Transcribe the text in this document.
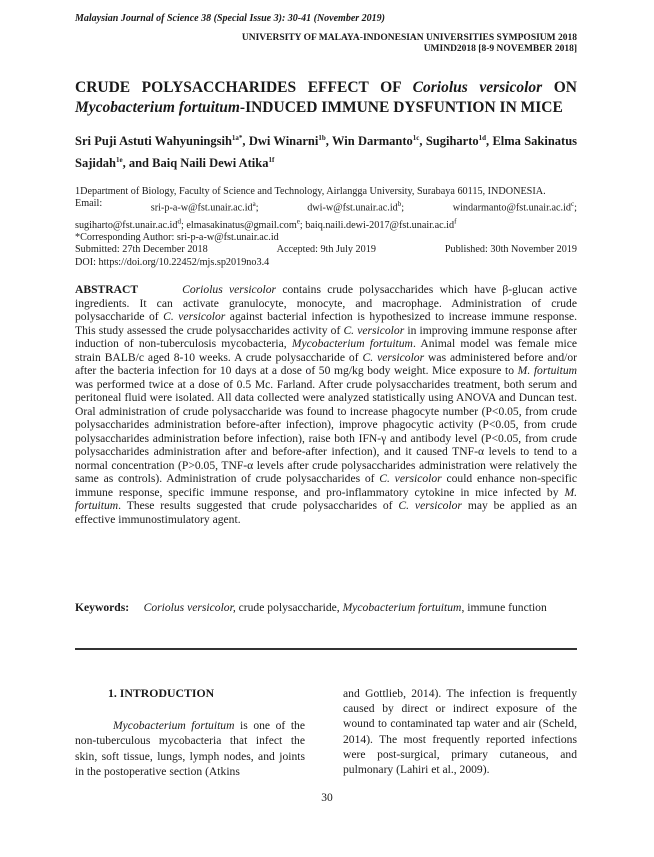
Malaysian Journal of Science 38 (Special Issue 3): 30-41 (November 2019)
UNIVERSITY OF MALAYA-INDONESIAN UNIVERSITIES SYMPOSIUM 2018
UMIND2018 [8-9 NOVEMBER 2018]
CRUDE POLYSACCHARIDES EFFECT OF Coriolus versicolor ON Mycobacterium fortuitum-INDUCED IMMUNE DYSFUNTION IN MICE
Sri Puji Astuti Wahyuningsih$^{1a*}$, Dwi Winarni$^{1b}$, Win Darmanto$^{1c}$, Sugiharto$^{1d}$, Elma Sakinatus Sajidah$^{1e}$, and Baiq Naili Dewi Atika$^{1f}$
1Department of Biology, Faculty of Science and Technology, Airlangga University, Surabaya 60115, INDONESIA.
Email:	sri-$p-a-w@fst.unair.ac.id^a$;	dwi-$w@fst.unair.ac.id^b$;	$windarmanto@fst.unair.ac.id^c$;
$sugiharto@fst.unair.ac.id^d$; elmasakinatus@gmail.com$^e$; $baiq.naili.dewi-2017@fst.unair.ac.id^f$
*Corresponding Author: sri-p-a-w@fst.unair.ac.id
Submitted: 27th December 2018	Accepted: 9th July 2019	Published: 30th November 2019
DOI: https://doi.org/10.22452/mjs.sp2019no3.4
ABSTRACT	Coriolus versicolor contains crude polysaccharides which have β-glucan active ingredients. It can activate granulocyte, monocyte, and macrophage. Administration of crude polysaccharide of C. versicolor against bacterial infection is hypothesized to increase immune response. This study assessed the crude polysaccharides activity of C. versicolor in improving immune response after induction of non-tuberculosis mycobacteria, Mycobacterium fortuitum. Animal model was female mice strain BALB/c aged 8-10 weeks. A crude polysaccharide of C. versicolor was administered before and/or after the bacteria infection for 10 days at a dose of 50 mg/kg body weight. Mice exposure to M. fortuitum was performed twice at a dose of 0.5 Mc. Farland. After crude polysaccharides treatment, both serum and peritoneal fluid were isolated. All data collected were analyzed statistically using ANOVA and Duncan test. Oral administration of crude polysaccharide was found to increase phagocyte number (P<0.05, from crude polysaccharides administration before-after infection), improve phagocytic activity (P<0.05, from crude polysaccharides administration before infection), raise both IFN-γ and antibody level (P<0.05, from crude polysaccharides administration after and before-after infection), and it caused TNF-α levels to tend to a normal concentration (P>0.05, TNF-α levels after crude polysaccharides administration were relatively the same as controls). Administration of crude polysaccharides of C. versicolor could enhance non-specific immune response, specific immune response, and pro-inflammatory cytokine in mice infected by M. fortuitum. These results suggested that crude polysaccharides of C. versicolor may be applied as an effective immunostimulatory agent.
Keywords: Coriolus versicolor, crude polysaccharide, Mycobacterium fortuitum, immune function
1. INTRODUCTION
Mycobacterium fortuitum is one of the non-tuberculous mycobacteria that infect the skin, soft tissue, lungs, lymph nodes, and joints in the postoperative section (Atkins
and Gottlieb, 2014). The infection is frequently caused by direct or indirect exposure of the wound to contaminated tap water and air (Scheld, 2014). The most frequently reported infections were post-surgical, primary cutaneous, and pulmonary (Lahiri et al., 2009).
30
